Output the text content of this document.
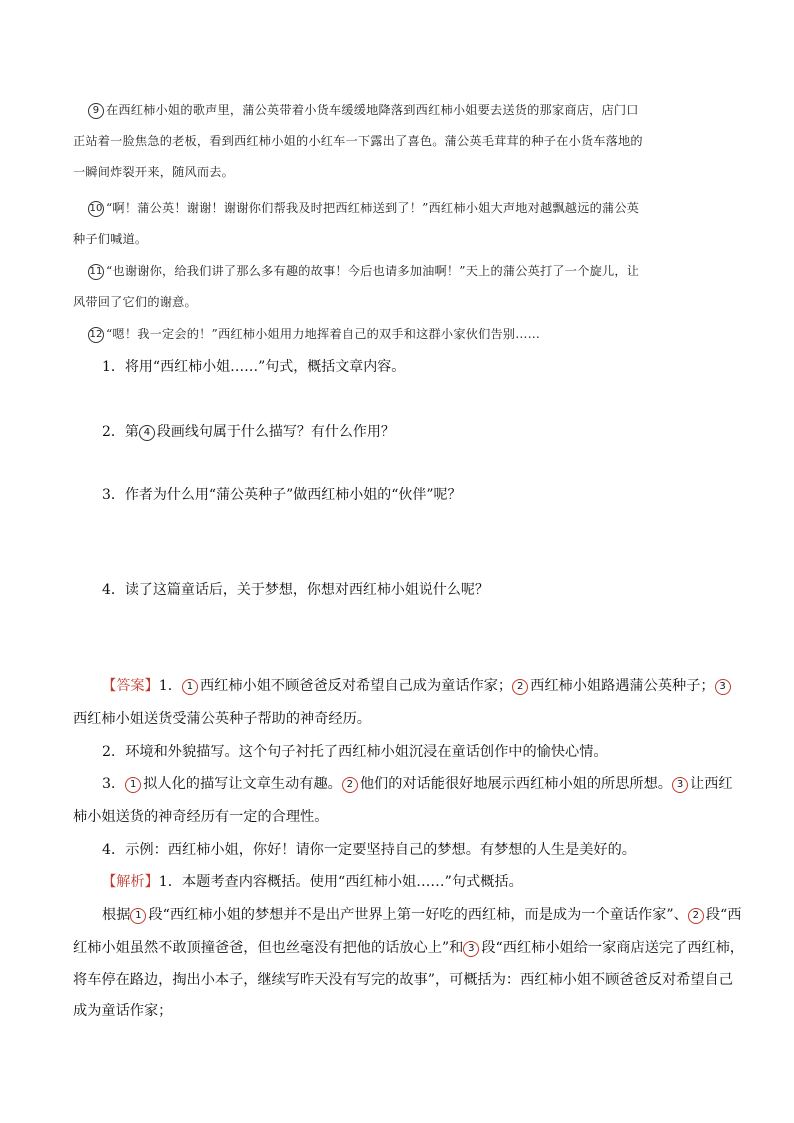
9 在西红柿小姐的歌声里，蒲公英带着小货车缓缓地降落到西红柿小姐要去送货的那家商店，店门口
正站着一脸焦急的老板，看到西红柿小姐的小红车一下露出了喜色。蒲公英毛茸茸的种子在小货车落地的
一瞬间炸裂开来，随风而去。
10 “啊！蒲公英！谢谢！谢谢你们帮我及时把西红柿送到了！”西红柿小姐大声地对越飘越远的蒲公英
种子们喊道。
11 “也谢谢你，给我们讲了那么多有趣的故事！今后也请多加油啊！”天上的蒲公英打了一个旋儿，让
风带回了它们的谢意。
12 “嗯！我一定会的！”西红柿小姐用力地挥着自己的双手和这群小家伙们告别……
1．将用“西红柿小姐……”句式，概括文章内容。
2．第 4 段画线句属于什么描写？有什么作用？
3．作者为什么用“蒲公英种子”做西红柿小姐的“伙伴”呢？
4．读了这篇童话后，关于梦想，你想对西红柿小姐说什么呢？
【答案】1． 1 西红柿小姐不顾爸爸反对希望自己成为童话作家； 2 西红柿小姐路遇蒲公英种子； 3
西红柿小姐送货受蒲公英种子帮助的神奇经历。
2．环境和外貌描写。这个句子衬托了西红柿小姐沉浸在童话创作中的愉快心情。
3． 1 拟人化的描写让文章生动有趣。 2 他们的对话能很好地展示西红柿小姐的所思所想。 3 让西红
柿小姐送货的神奇经历有一定的合理性。
4．示例：西红柿小姐，你好！请你一定要坚持自己的梦想。有梦想的人生是美好的。
【解析】1．本题考查内容概括。使用“西红柿小姐……”句式概括。
根据 1 段“西红柿小姐的梦想并不是出产世界上第一好吃的西红柿，而是成为一个童话作家”、 2 段“西
红柿小姐虽然不敢顶撞爸爸，但也丝毫没有把他的话放心上”和 3 段“西红柿小姐给一家商店送完了西红柿，
将车停在路边，掏出小本子，继续写昨天没有写完的故事”，可概括为：西红柿小姐不顾爸爸反对希望自己
成为童话作家；
